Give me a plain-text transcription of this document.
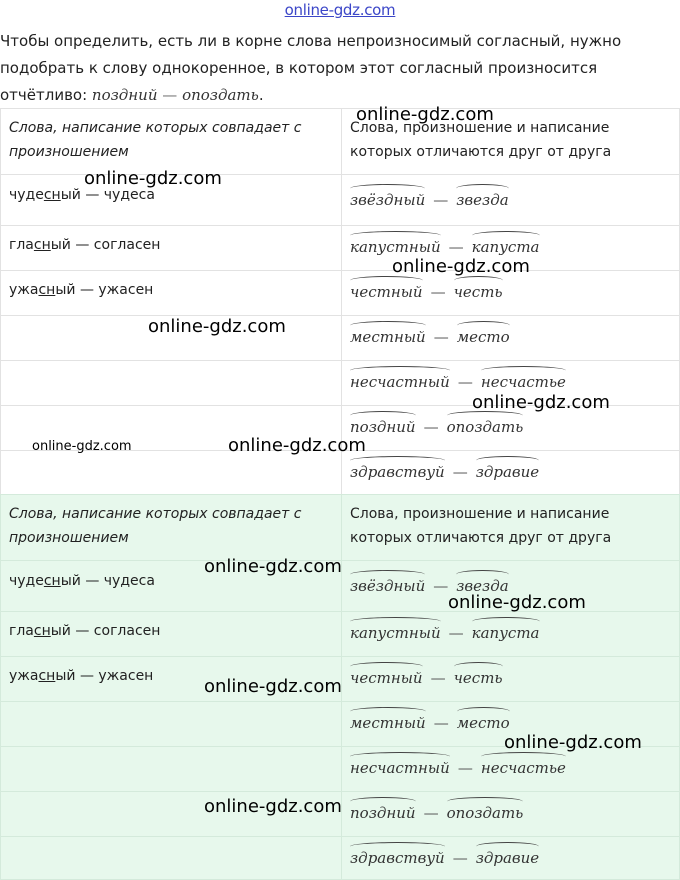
online-gdz.com
Чтобы определить, есть ли в корне слова непроизносимый согласный, нужно подобрать к слову однокоренное, в котором этот согласный произносится отчётливо: поздний — опоздать.
Слова, написание которых совпадает с произношением	Слова, произношение и написание которых отличаются друг от друга
чудесный — чудеса	звёздный — звезда

гласный — согласен	капустный — капуста

ужасный — ужасен	честный — честь

	местный — место

	несчастный — несчастье

	поздний — опоздать

	здравствуй — здравие
Слова, написание которых совпадает с произношением	Слова, произношение и написание которых отличаются друг от друга
чудесный — чудеса	звёздный — звезда

гласный — согласен	капустный — капуста

ужасный — ужасен	честный — честь

	местный — место

	несчастный — несчастье

	поздний — опоздать

	здравствуй — здравие
online-gdz.com
online-gdz.com
online-gdz.com
online-gdz.com
online-gdz.com
online-gdz.com	online-gdz.com
online-gdz.com
online-gdz.com
online-gdz.com
online-gdz.com
online-gdz.com
